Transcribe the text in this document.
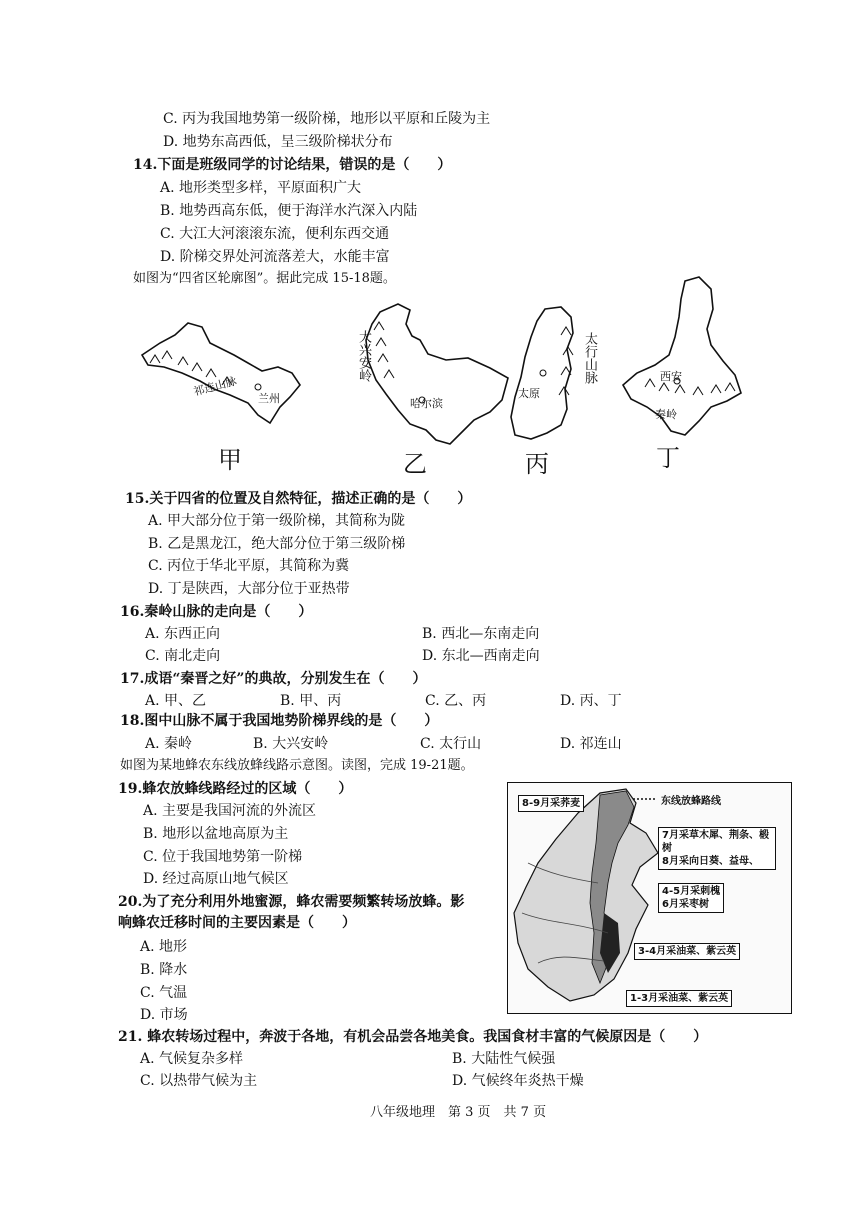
C. 丙为我国地势第一级阶梯，地形以平原和丘陵为主
D. 地势东高西低，呈三级阶梯状分布
14.下面是班级同学的讨论结果，错误的是（　　）
A. 地形类型多样，平原面积广大
B. 地势西高东低，便于海洋水汽深入内陆
C. 大江大河滚滚东流，便利东西交通
D. 阶梯交界处河流落差大，水能丰富
如图为“四省区轮廓图”。据此完成 15-18题。
祁连山脉
兰州
甲
大兴安岭
哈尔滨
乙
太行山脉
太原
丙
西安
秦岭
丁
15.关于四省的位置及自然特征，描述正确的是（　　）
A. 甲大部分位于第一级阶梯，其简称为陇
B. 乙是黑龙江，绝大部分位于第三级阶梯
C. 丙位于华北平原，其简称为冀
D. 丁是陕西，大部分位于亚热带
16.秦岭山脉的走向是（　　）
A. 东西正向	B. 西北—东南走向
C. 南北走向	D. 东北—西南走向
17.成语“秦晋之好”的典故，分别发生在（　　）
A. 甲、乙	B. 甲、丙	C. 乙、丙	D. 丙、丁
18.图中山脉不属于我国地势阶梯界线的是（　　）
A. 秦岭	B. 大兴安岭	C. 太行山	D. 祁连山
如图为某地蜂农东线放蜂线路示意图。读图，完成 19-21题。
19.蜂农放蜂线路经过的区域（　　）
A. 主要是我国河流的外流区
B. 地形以盆地高原为主
C. 位于我国地势第一阶梯
D. 经过高原山地气候区
20.为了充分利用外地蜜源，蜂农需要频繁转场放蜂。影
响蜂农迁移时间的主要因素是（　　）
A. 地形
B. 降水
C. 气温
D. 市场
东线放蜂路线
8-9月采荞麦
7月采草木犀、荆条、椴树
8月采向日葵、益母、
4-5月采刺槐
6月采枣树
3-4月采油菜、紫云英
1-3月采油菜、紫云英
21. 蜂农转场过程中，奔波于各地，有机会品尝各地美食。我国食材丰富的气候原因是（　　）
A. 气候复杂多样	B. 大陆性气候强
C. 以热带气候为主	D. 气候终年炎热干燥
八年级地理　第 3 页　共 7 页
